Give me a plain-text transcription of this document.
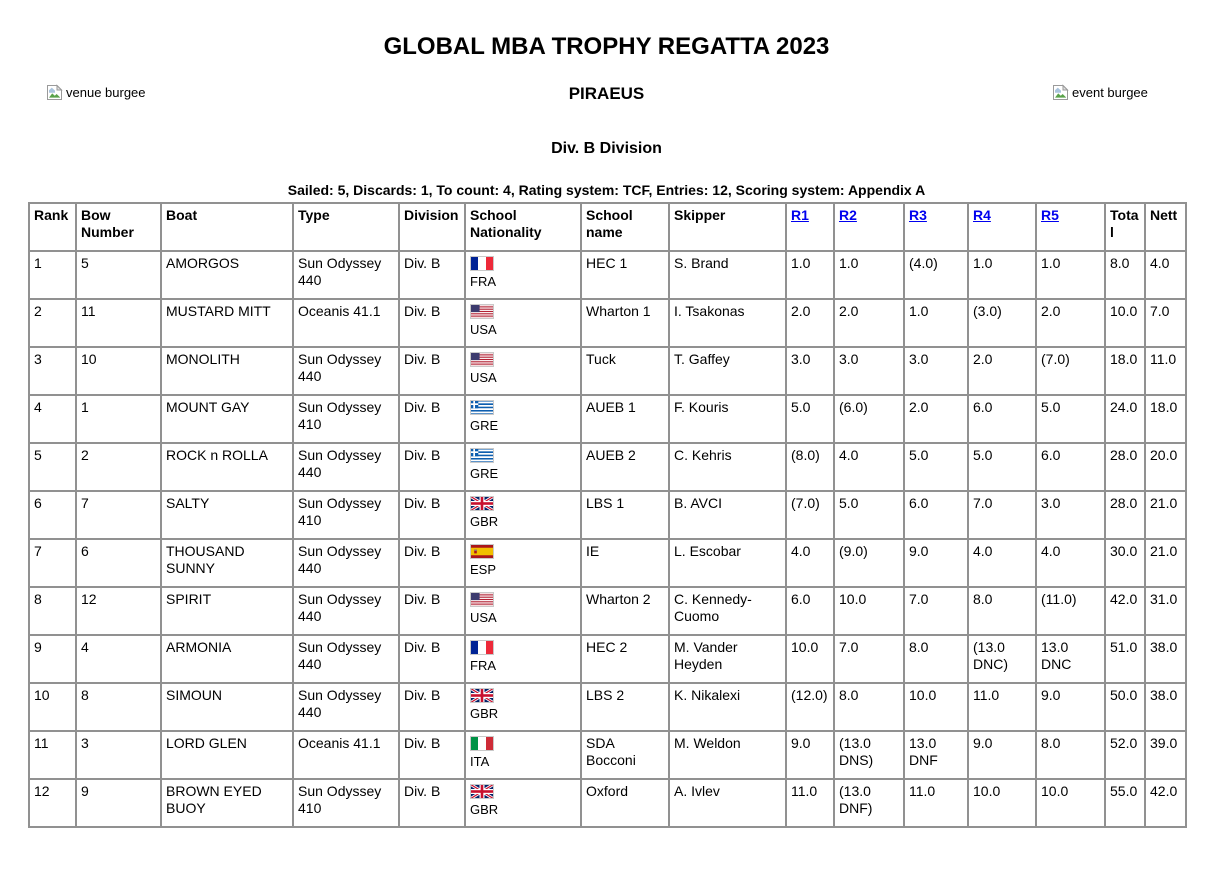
venue burgee	event burgee
GLOBAL MBA TROPHY REGATTA 2023
PIRAEUS
Div. B Division
Sailed: 5, Discards: 1, To count: 4, Rating system: TCF, Entries: 12, Scoring system: Appendix A
Rank	Bow Number	Boat	Type	Division	School Nationality	School name	Skipper	R1	R2	R3	R4	R5	Total	Nett
1	5	AMORGOS	Sun Odyssey 440	Div. B	FRA	HEC 1	S. Brand	1.0	1.0	(4.0)	1.0	1.0	8.0	4.0
2	11	MUSTARD MITT	Oceanis 41.1	Div. B	USA	Wharton 1	I. Tsakonas	2.0	2.0	1.0	(3.0)	2.0	10.0	7.0
3	10	MONOLITH	Sun Odyssey 440	Div. B	USA	Tuck	T. Gaffey	3.0	3.0	3.0	2.0	(7.0)	18.0	11.0
4	1	MOUNT GAY	Sun Odyssey 410	Div. B	GRE	AUEB 1	F. Kouris	5.0	(6.0)	2.0	6.0	5.0	24.0	18.0
5	2	ROCK n ROLLA	Sun Odyssey 440	Div. B	GRE	AUEB 2	C. Kehris	(8.0)	4.0	5.0	5.0	6.0	28.0	20.0
6	7	SALTY	Sun Odyssey 410	Div. B	GBR	LBS 1	B. AVCI	(7.0)	5.0	6.0	7.0	3.0	28.0	21.0
7	6	THOUSAND SUNNY	Sun Odyssey 440	Div. B	ESP	IE	L. Escobar	4.0	(9.0)	9.0	4.0	4.0	30.0	21.0
8	12	SPIRIT	Sun Odyssey 440	Div. B	USA	Wharton 2	C. Kennedy-Cuomo	6.0	10.0	7.0	8.0	(11.0)	42.0	31.0
9	4	ARMONIA	Sun Odyssey 440	Div. B	FRA	HEC 2	M. Vander Heyden	10.0	7.0	8.0	(13.0 DNC)	13.0 DNC	51.0	38.0
10	8	SIMOUN	Sun Odyssey 440	Div. B	GBR	LBS 2	K. Nikalexi	(12.0)	8.0	10.0	11.0	9.0	50.0	38.0
11	3	LORD GLEN	Oceanis 41.1	Div. B	ITA	SDA Bocconi	M. Weldon	9.0	(13.0 DNS)	13.0 DNF	9.0	8.0	52.0	39.0
12	9	BROWN EYED BUOY	Sun Odyssey 410	Div. B	GBR	Oxford	A. Ivlev	11.0	(13.0 DNF)	11.0	10.0	10.0	55.0	42.0
